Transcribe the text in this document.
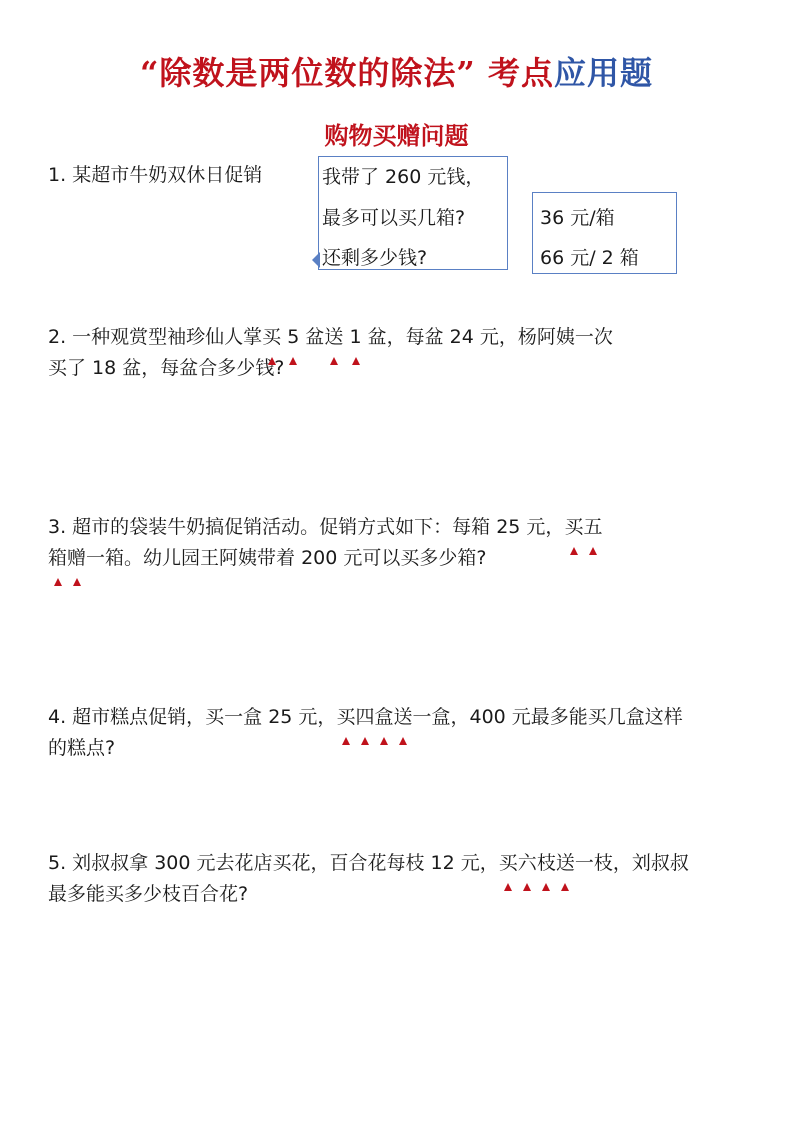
“除数是两位数的除法” 考点应用题
购物买赠问题
1. 某超市牛奶双休日促销	我带了 260 元钱，
最多可以买几箱?
还剩多少钱?
36 元/箱
66 元/ 2 箱
2. 一种观赏型袖珍仙人掌买 5 盆送 1 盆，每盆 24 元，杨阿姨一次
买了 18 盆，每盆合多少钱?
3. 超市的袋装牛奶搞促销活动。促销方式如下：每箱 25 元，买五
箱赠一箱。幼儿园王阿姨带着 200 元可以买多少箱?
4. 超市糕点促销，买一盒 25 元，买四盒送一盒，400 元最多能买几盒这样
的糕点?
5. 刘叔叔拿 300 元去花店买花，百合花每枝 12 元，买六枝送一枝，刘叔叔
最多能买多少枝百合花?
